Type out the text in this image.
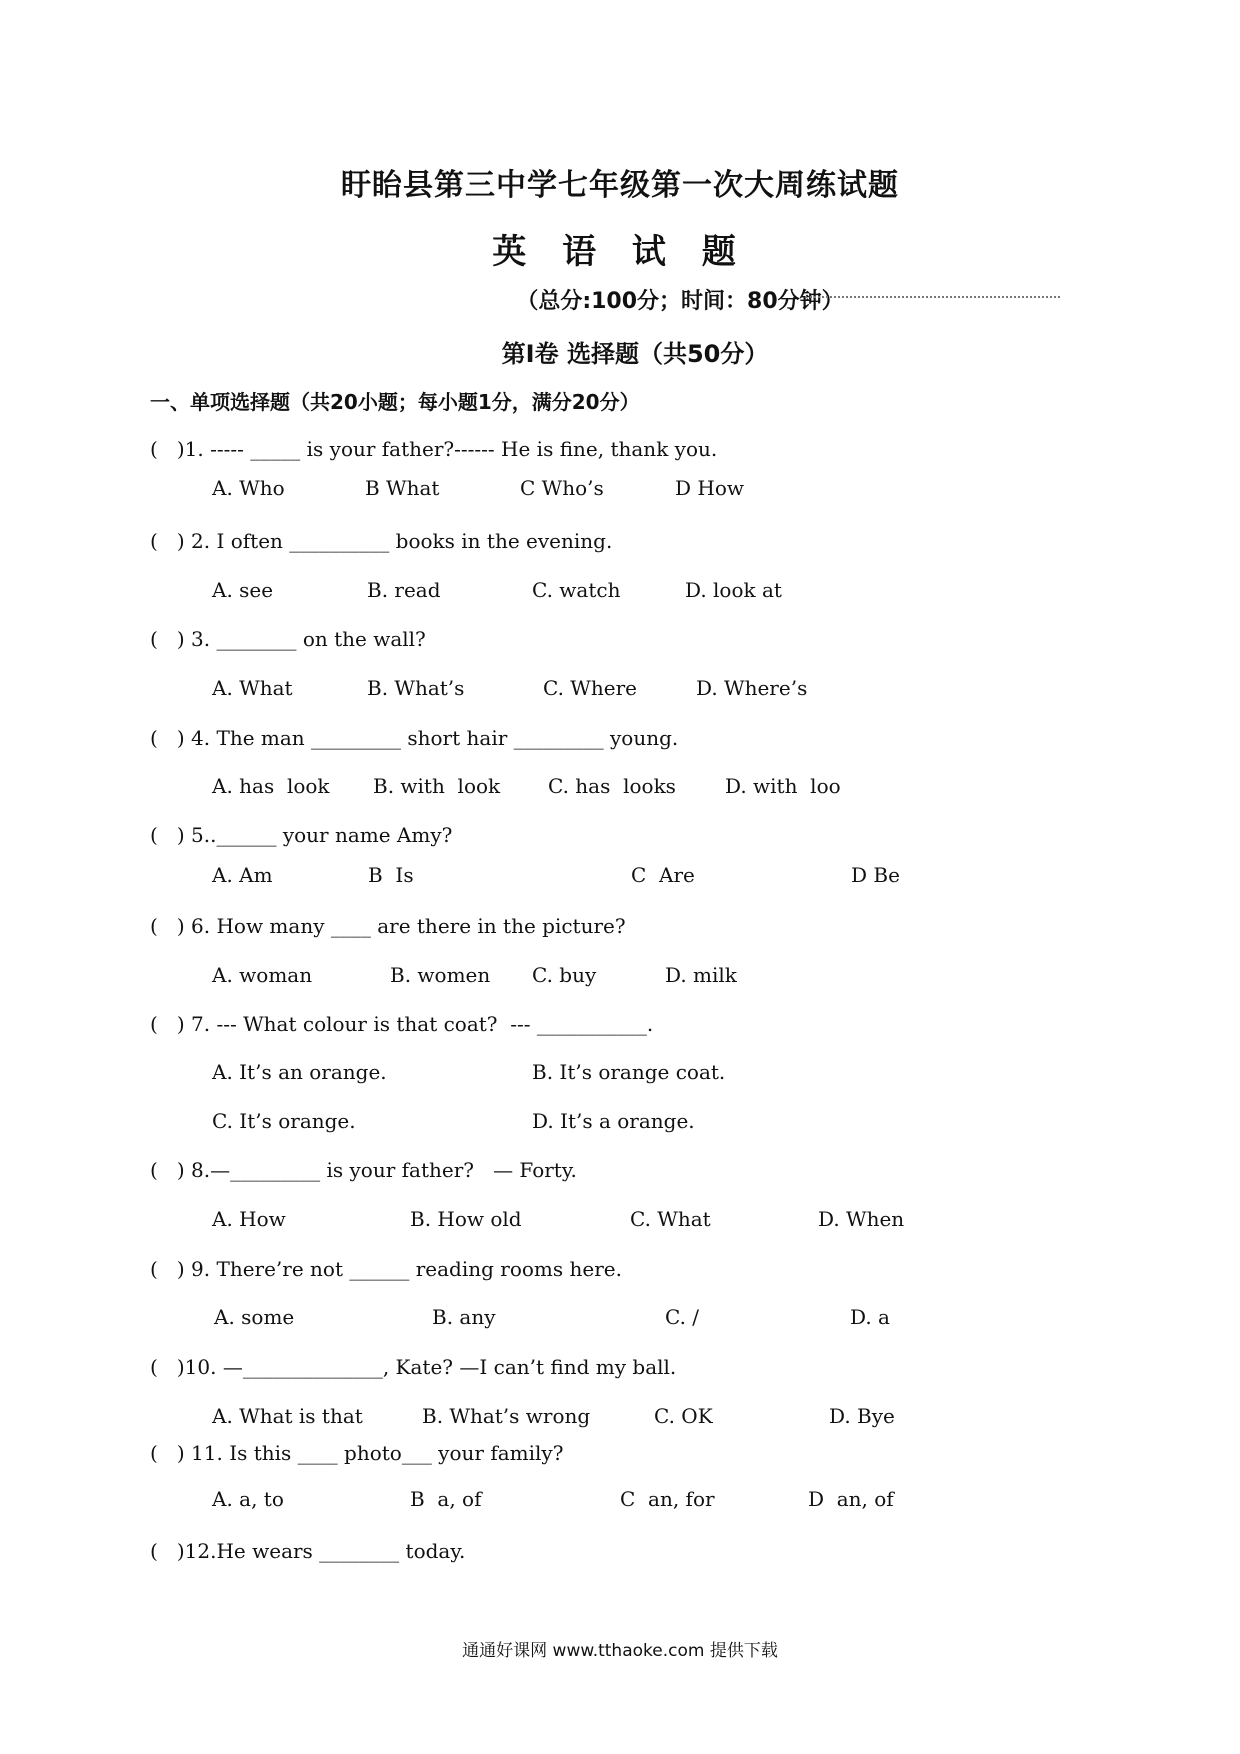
盱眙县第三中学七年级第一次大周练试题
英 语 试 题
（总分:100分；时间：80分钟）
第Ⅰ卷 选择题（共50分）
一、单项选择题（共20小题；每小题1分，满分20分）
(   )1. ----- _____ is your father?------ He is fine, thank you.
A. Who	B What	C Who’s	D How
(   ) 2. I often __________ books in the evening.
A. see	B. read	C. watch	D. look at
(   ) 3. ________ on the wall?
A. What	B. What’s	C. Where	D. Where’s
(   ) 4. The man _________ short hair _________ young.
A. has  look B. with  look C. has  looks D. with  loo
(   ) 5..______ your name Amy?
A. Am	B  Is	C  Are	D Be
(   ) 6. How many ____ are there in the picture?
A. woman	B. women C. buy	D. milk
(   ) 7. --- What colour is that coat?  --- ___________.
A. It’s an orange.	B. It’s orange coat.
C. It’s orange.	D. It’s a orange.
(   ) 8.—_________ is your father?   — Forty.
A. How	B. How old	C. What	D. When
(   ) 9. There’re not ______ reading rooms here.
A. some	B. any	C. /	D. a
(   )10. —______________, Kate? —I can’t find my ball.
A. What is that	B. What’s wrong	C. OK	D. Bye
(   ) 11. Is this ____ photo___ your family?
A. a, to	B  a, of	C  an, for	D  an, of
(   )12.He wears ________ today.
通通好课网 www.tthaoke.com 提供下载
